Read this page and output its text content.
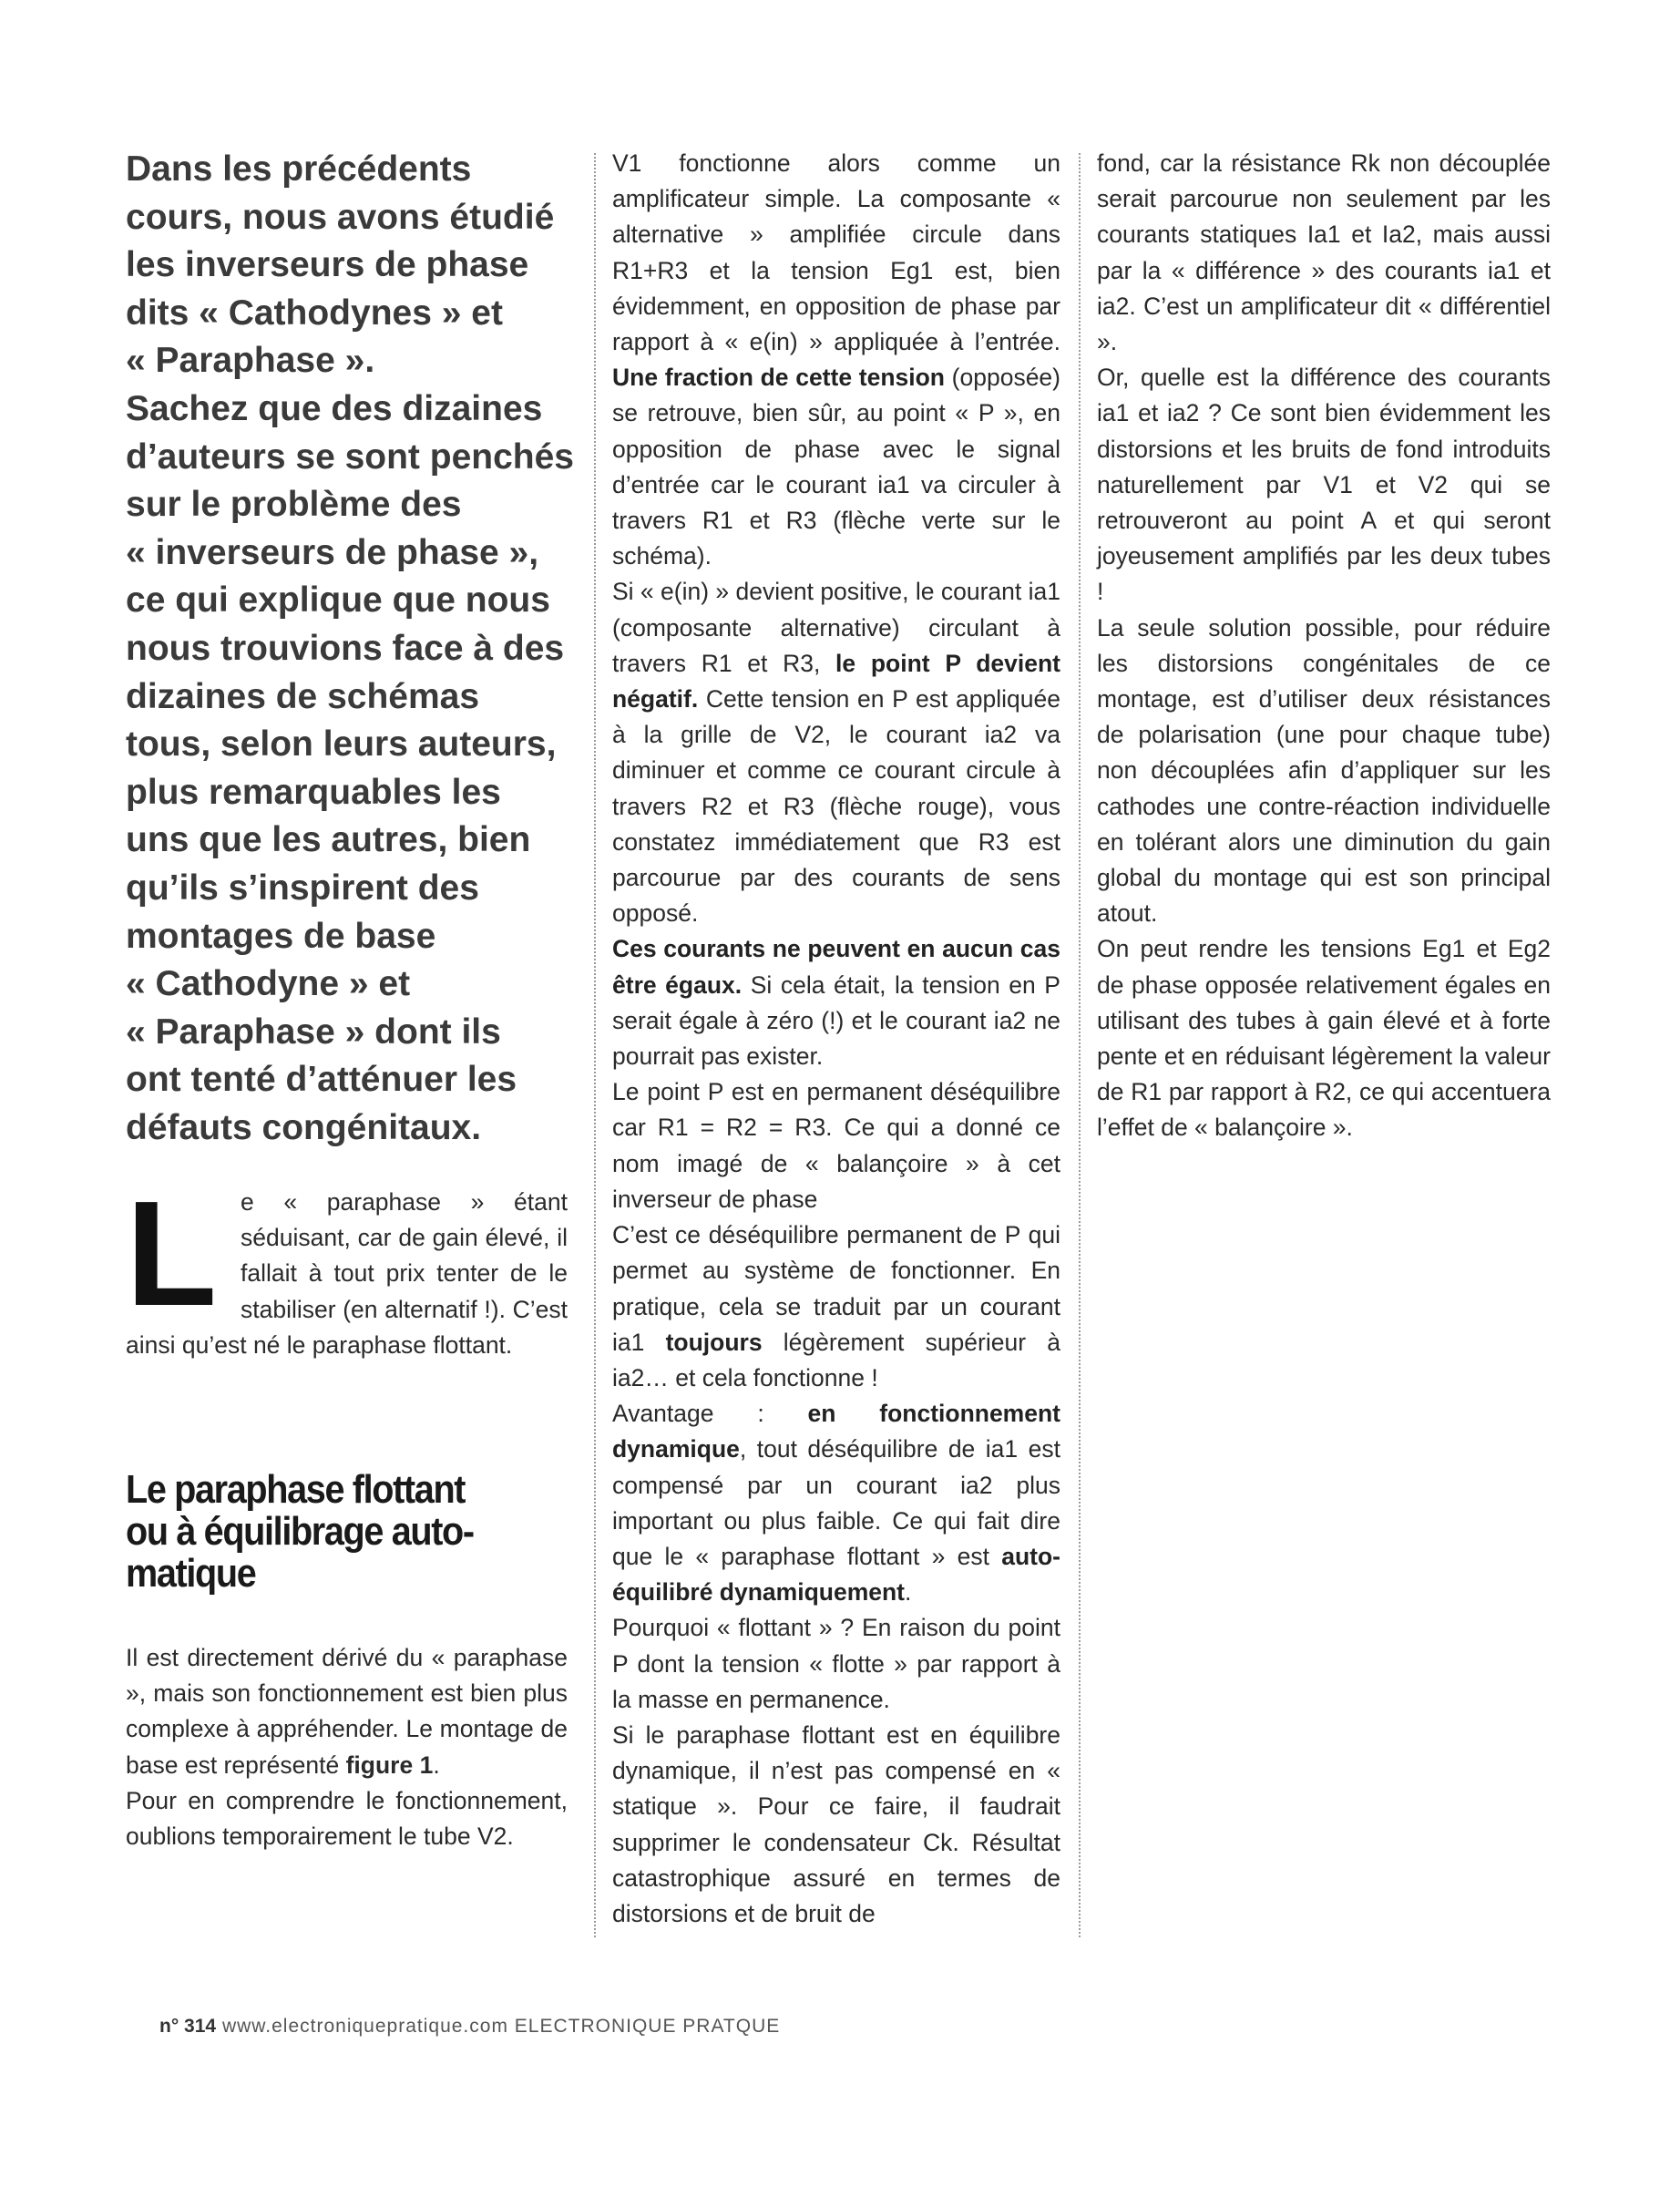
Dans les précédents
cours, nous avons étudié
les inverseurs de phase
dits « Cathodynes » et
« Paraphase ».
Sachez que des dizaines
d’auteurs se sont penchés
sur le problème des
« inverseurs de phase »,
ce qui explique que nous
nous trouvions face à des
dizaines de schémas
tous, selon leurs auteurs,
plus remarquables les
uns que les autres, bien
qu’ils s’inspirent des
montages de base
« Cathodyne » et
« Paraphase » dont ils
ont tenté d’atténuer les
défauts congénitaux.

L e « paraphase » étant séduisant, car de gain élevé, il fallait à tout prix tenter de le stabiliser (en alternatif !). C’est ainsi qu’est né le paraphase flottant.

Le paraphase flottant
ou à équilibrage auto-
matique

Il est directement dérivé du « paraphase », mais son fonctionnement est bien plus complexe à appréhender. Le montage de base est représenté figure 1.

Pour en comprendre le fonctionnement, oublions temporairement le tube V2.

V1 fonctionne alors comme un amplificateur simple. La composante « alternative » amplifiée circule dans R1+R3 et la tension Eg1 est, bien évidemment, en opposition de phase par rapport à « e(in) » appliquée à l’entrée. Une fraction de cette tension (opposée) se retrouve, bien sûr, au point « P », en opposition de phase avec le signal d’entrée car le courant ia1 va circuler à travers R1 et R3 (flèche verte sur le schéma).

Si « e(in) » devient positive, le courant ia1 (composante alternative) circulant à travers R1 et R3, le point P devient négatif. Cette tension en P est appliquée à la grille de V2, le courant ia2 va diminuer et comme ce courant circule à travers R2 et R3 (flèche rouge), vous constatez immédiatement que R3 est parcourue par des courants de sens opposé.

Ces courants ne peuvent en aucun cas être égaux. Si cela était, la tension en P serait égale à zéro (!) et le courant ia2 ne pourrait pas exister.

Le point P est en permanent déséquilibre car R1 = R2 = R3. Ce qui a donné ce nom imagé de « balançoire » à cet inverseur de phase

C’est ce déséquilibre permanent de P qui permet au système de fonctionner. En pratique, cela se traduit par un courant ia1 toujours légèrement supérieur à ia2… et cela fonctionne !

Avantage : en fonctionnement dynamique, tout déséquilibre de ia1 est compensé par un courant ia2 plus important ou plus faible. Ce qui fait dire que le « paraphase flottant » est auto-équilibré dynamiquement.

Pourquoi « flottant » ? En raison du point P dont la tension « flotte » par rapport à la masse en permanence.

Si le paraphase flottant est en équilibre dynamique, il n’est pas compensé en « statique ». Pour ce faire, il faudrait supprimer le condensateur Ck. Résultat catastrophique assuré en termes de distorsions et de bruit de

fond, car la résistance Rk non découplée serait parcourue non seulement par les courants statiques Ia1 et Ia2, mais aussi par la « différence » des courants ia1 et ia2. C’est un amplificateur dit « différentiel ».

Or, quelle est la différence des courants ia1 et ia2 ? Ce sont bien évidemment les distorsions et les bruits de fond introduits naturellement par V1 et V2 qui se retrouveront au point A et qui seront joyeusement amplifiés par les deux tubes !

La seule solution possible, pour réduire les distorsions congénitales de ce montage, est d’utiliser deux résistances de polarisation (une pour chaque tube) non découplées afin d’appliquer sur les cathodes une contre-réaction individuelle en tolérant alors une diminution du gain global du montage qui est son principal atout.

On peut rendre les tensions Eg1 et Eg2 de phase opposée relativement égales en utilisant des tubes à gain élevé et à forte pente et en réduisant légèrement la valeur de R1 par rapport à R2, ce qui accentuera l’effet de « balançoire ».

n° 314 www.electroniquepratique.com ELECTRONIQUE PRATQUE
